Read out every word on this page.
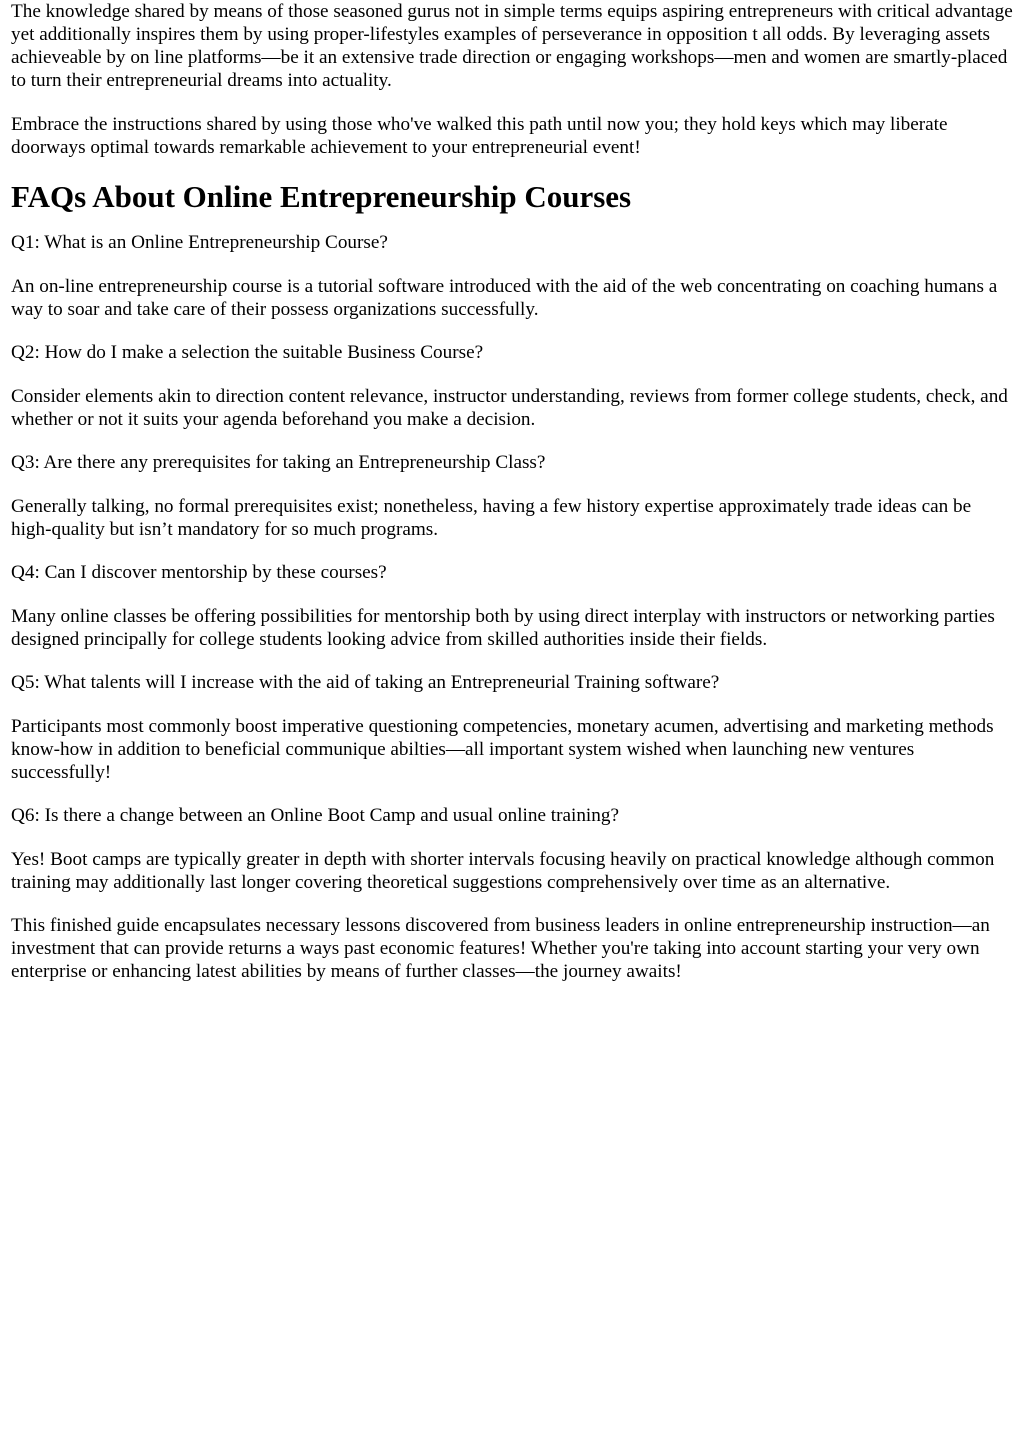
The knowledge shared by means of those seasoned gurus not in simple terms equips aspiring entrepreneurs with critical advantage yet additionally inspires them by using proper-lifestyles examples of perseverance in opposition t all odds. By leveraging assets achieveable by on line platforms—be it an extensive trade direction or engaging workshops—men and women are smartly-placed to turn their entrepreneurial dreams into actuality.

Embrace the instructions shared by using those who've walked this path until now you; they hold keys which may liberate doorways optimal towards remarkable achievement to your entrepreneurial event!

FAQs About Online Entrepreneurship Courses

Q1: What is an Online Entrepreneurship Course?

An on-line entrepreneurship course is a tutorial software introduced with the aid of the web concentrating on coaching humans a way to soar and take care of their possess organizations successfully.

Q2: How do I make a selection the suitable Business Course?

Consider elements akin to direction content relevance, instructor understanding, reviews from former college students, check, and whether or not it suits your agenda beforehand you make a decision.

Q3: Are there any prerequisites for taking an Entrepreneurship Class?

Generally talking, no formal prerequisites exist; nonetheless, having a few history expertise approximately trade ideas can be high-quality but isn’t mandatory for so much programs.

Q4: Can I discover mentorship by these courses?

Many online classes be offering possibilities for mentorship both by using direct interplay with instructors or networking parties designed principally for college students looking advice from skilled authorities inside their fields.

Q5: What talents will I increase with the aid of taking an Entrepreneurial Training software?

Participants most commonly boost imperative questioning competencies, monetary acumen, advertising and marketing methods know-how in addition to beneficial communique abilties—all important system wished when launching new ventures successfully!

Q6: Is there a change between an Online Boot Camp and usual online training?

Yes! Boot camps are typically greater in depth with shorter intervals focusing heavily on practical knowledge although common training may additionally last longer covering theoretical suggestions comprehensively over time as an alternative.

This finished guide encapsulates necessary lessons discovered from business leaders in online entrepreneurship instruction—an investment that can provide returns a ways past economic features! Whether you're taking into account starting your very own enterprise or enhancing latest abilities by means of further classes—the journey awaits!
